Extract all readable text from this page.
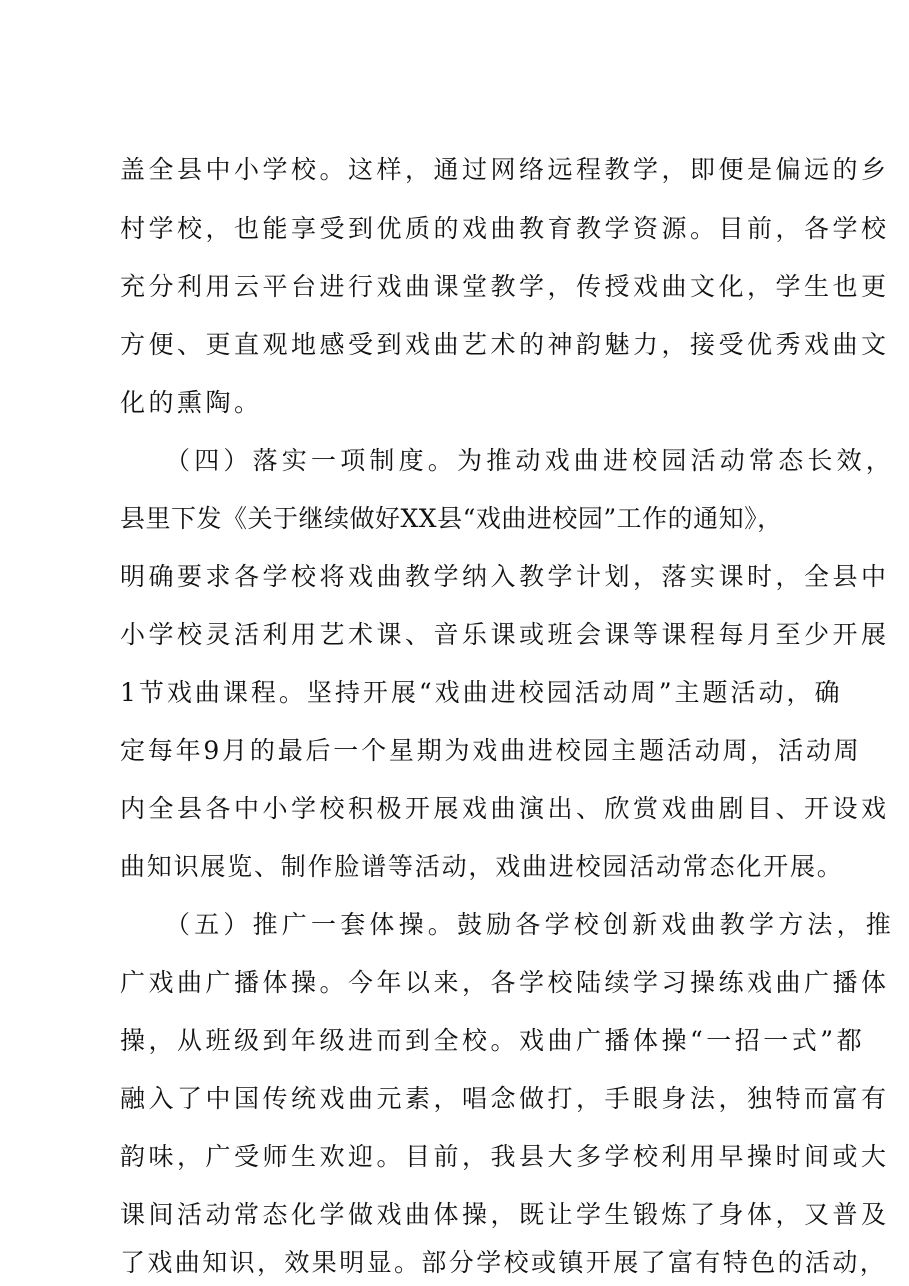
盖全县中小学校。这样，通过网络远程教学，即便是偏远的乡
村学校，也能享受到优质的戏曲教育教学资源。目前，各学校
充分利用云平台进行戏曲课堂教学，传授戏曲文化，学生也更
方便、更直观地感受到戏曲艺术的神韵魅力，接受优秀戏曲文
化的熏陶。
（四）落实一项制度。为推动戏曲进校园活动常态长效，
县里下发《关于继续做好XX县“戏曲进校园”工作的通知》，
明确要求各学校将戏曲教学纳入教学计划，落实课时，全县中
小学校灵活利用艺术课、音乐课或班会课等课程每月至少开展
1节戏曲课程。坚持开展“戏曲进校园活动周”主题活动，确
定每年9月的最后一个星期为戏曲进校园主题活动周，活动周
内全县各中小学校积极开展戏曲演出、欣赏戏曲剧目、开设戏
曲知识展览、制作脸谱等活动，戏曲进校园活动常态化开展。
（五）推广一套体操。鼓励各学校创新戏曲教学方法，推
广戏曲广播体操。今年以来，各学校陆续学习操练戏曲广播体
操，从班级到年级进而到全校。戏曲广播体操“一招一式”都
融入了中国传统戏曲元素，唱念做打，手眼身法，独特而富有
韵味，广受师生欢迎。目前，我县大多学校利用早操时间或大
课间活动常态化学做戏曲体操，既让学生锻炼了身体，又普及
了戏曲知识，效果明显。部分学校或镇开展了富有特色的活动，
